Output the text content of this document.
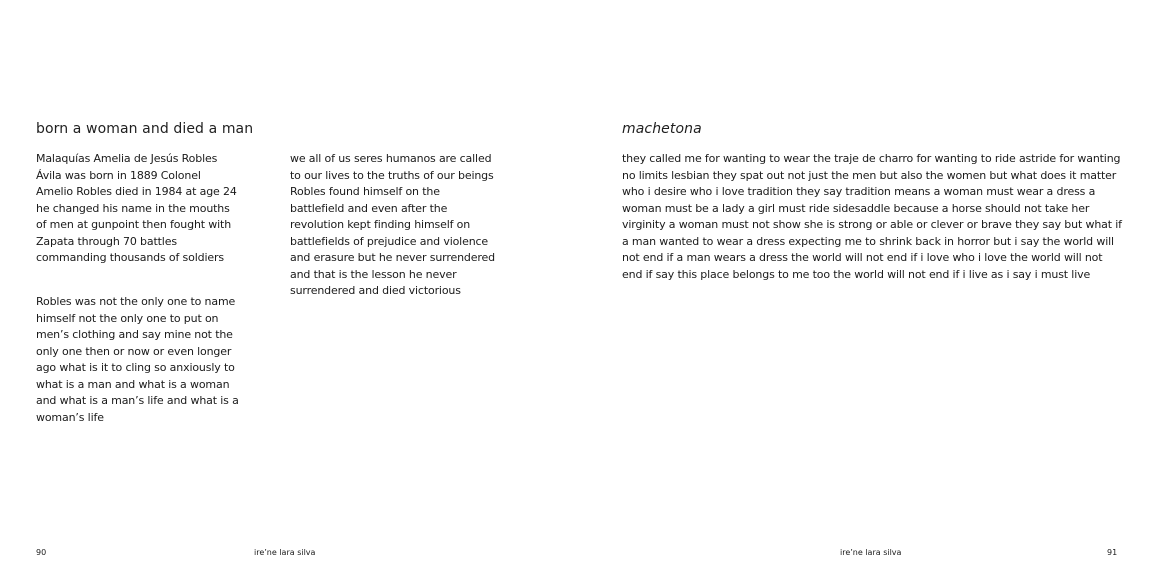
born a woman and died a man

Malaquías Amelia de Jesús Robles Ávila was born in 1889 Colonel Amelio Robles died in 1984 at age 24 he changed his name in the mouths of men at gunpoint then fought with Zapata through 70 battles commanding thousands of soldiers

Robles was not the only one to name himself not the only one to put on men’s clothing and say mine not the only one then or now or even longer ago what is it to cling so anxiously to what is a man and what is a woman and what is a man’s life and what is a woman’s life

we all of us seres humanos are called to our lives to the truths of our beings Robles found himself on the battlefield and even after the revolution kept finding himself on battlefields of prejudice and violence and erasure but he never surrendered and that is the lesson he never surrendered and died victorious

90	ire’ne lara silva
machetona

they called me for wanting to wear the traje de charro for wanting to ride astride for wanting no limits lesbian they spat out not just the men but also the women but what does it matter who i desire who i love tradition they say tradition means a woman must wear a dress a woman must be a lady a girl must ride sidesaddle because a horse should not take her virginity a woman must not show she is strong or able or clever or brave they say but what if a man wanted to wear a dress expecting me to shrink back in horror but i say the world will not end if a man wears a dress the world will not end if i love who i love the world will not end if say this place belongs to me too the world will not end if i live as i say i must live

ire’ne lara silva	91
